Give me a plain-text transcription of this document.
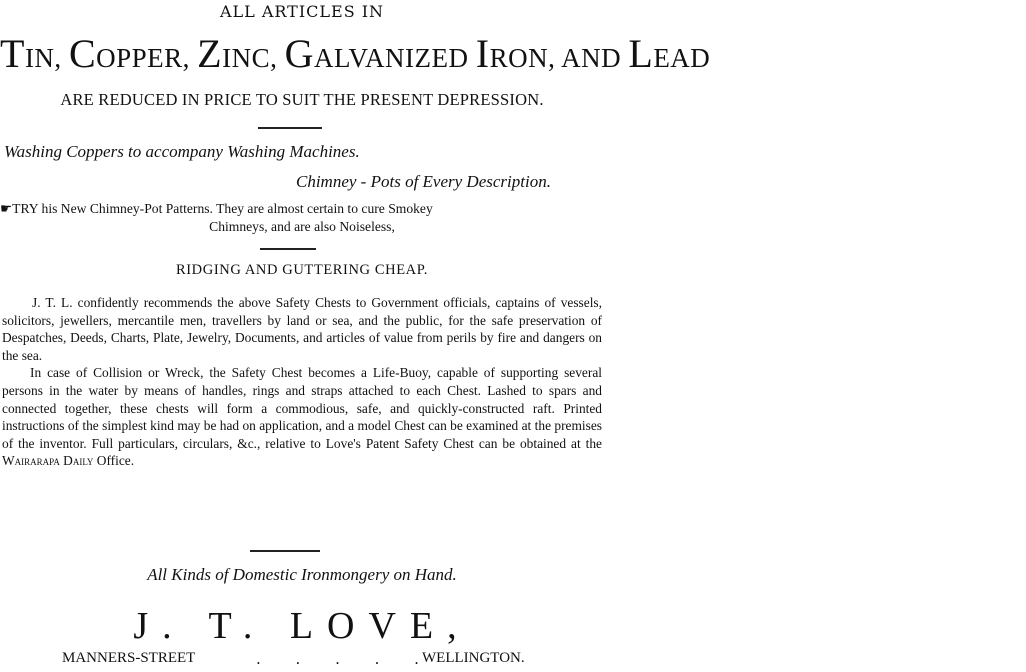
ALL ARTICLES IN
TIN, COPPER, ZINC, GALVANIZED IRON, AND LEAD
ARE REDUCED IN PRICE TO SUIT THE PRESENT DEPRESSION.
Washing Coppers to accompany Washing Machines.
Chimney - Pots of Every Description.
☛TRY his New Chimney-Pot Patterns. They are almost certain to cure Smokey
Chimneys, and are also Noiseless,
RIDGING AND GUTTERING CHEAP.

J. T. L. confidently recommends the above Safety Chests to Government officials, captains of vessels, solicitors, jewellers, mercantile men, travellers by land or sea, and the public, for the safe preservation of Despatches, Deeds, Charts, Plate, Jewelry, Documents, and articles of value from perils by fire and dangers on the sea.

In case of Collision or Wreck, the Safety Chest becomes a Life-Buoy, capable of supporting several persons in the water by means of handles, rings and straps attached to each Chest. Lashed to spars and connected together, these chests will form a commodious, safe, and quickly-constructed raft. Printed instructions of the simplest kind may be had on application, and a model Chest can be examined at the premises of the inventor. Full particulars, circulars, &c., relative to Love's Patent Safety Chest can be obtained at the Wairarapa Daily Office.

All Kinds of Domestic Ironmongery on Hand.
J. T. LOVE,
MANNERS-STREET	. . . . .
WELLINGTON.
